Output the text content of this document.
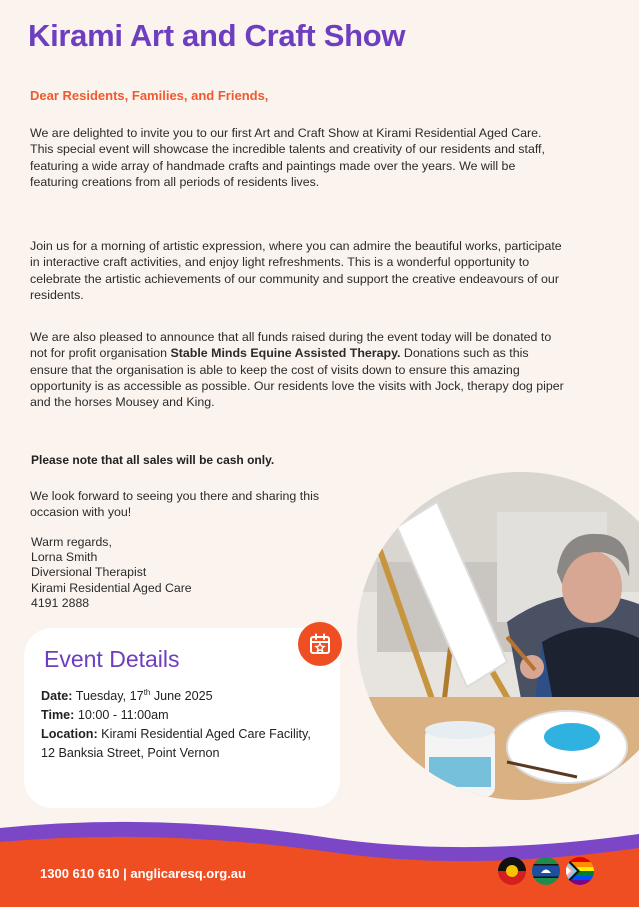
Kirami Art and Craft Show
Dear Residents, Families, and Friends,

We are delighted to invite you to our first Art and Craft Show at Kirami Residential Aged Care. This special event will showcase the incredible talents and creativity of our residents and staff, featuring a wide array of handmade crafts and paintings made over the years. We will be featuring creations from all periods of residents lives.

Join us for a morning of artistic expression, where you can admire the beautiful works, participate in interactive craft activities, and enjoy light refreshments. This is a wonderful opportunity to celebrate the artistic achievements of our community and support the creative endeavours of our residents.

We are also pleased to announce that all funds raised during the event today will be donated to not for profit organisation Stable Minds Equine Assisted Therapy. Donations such as this ensure that the organisation is able to keep the cost of visits down to ensure this amazing opportunity is as accessible as possible. Our residents love the visits with Jock, therapy dog piper and the horses Mousey and King.

Please note that all sales will be cash only.

We look forward to seeing you there and sharing this occasion with you!

Warm regards,
Lorna Smith
Diversional Therapist
Kirami Residential Aged Care
4191 2888
Event Details
Date: Tuesday, 17th June 2025
Time: 10:00 - 11:00am
Location: Kirami Residential Aged Care Facility, 12 Banksia Street, Point Vernon
1300 610 610 | anglicaresq.org.au
